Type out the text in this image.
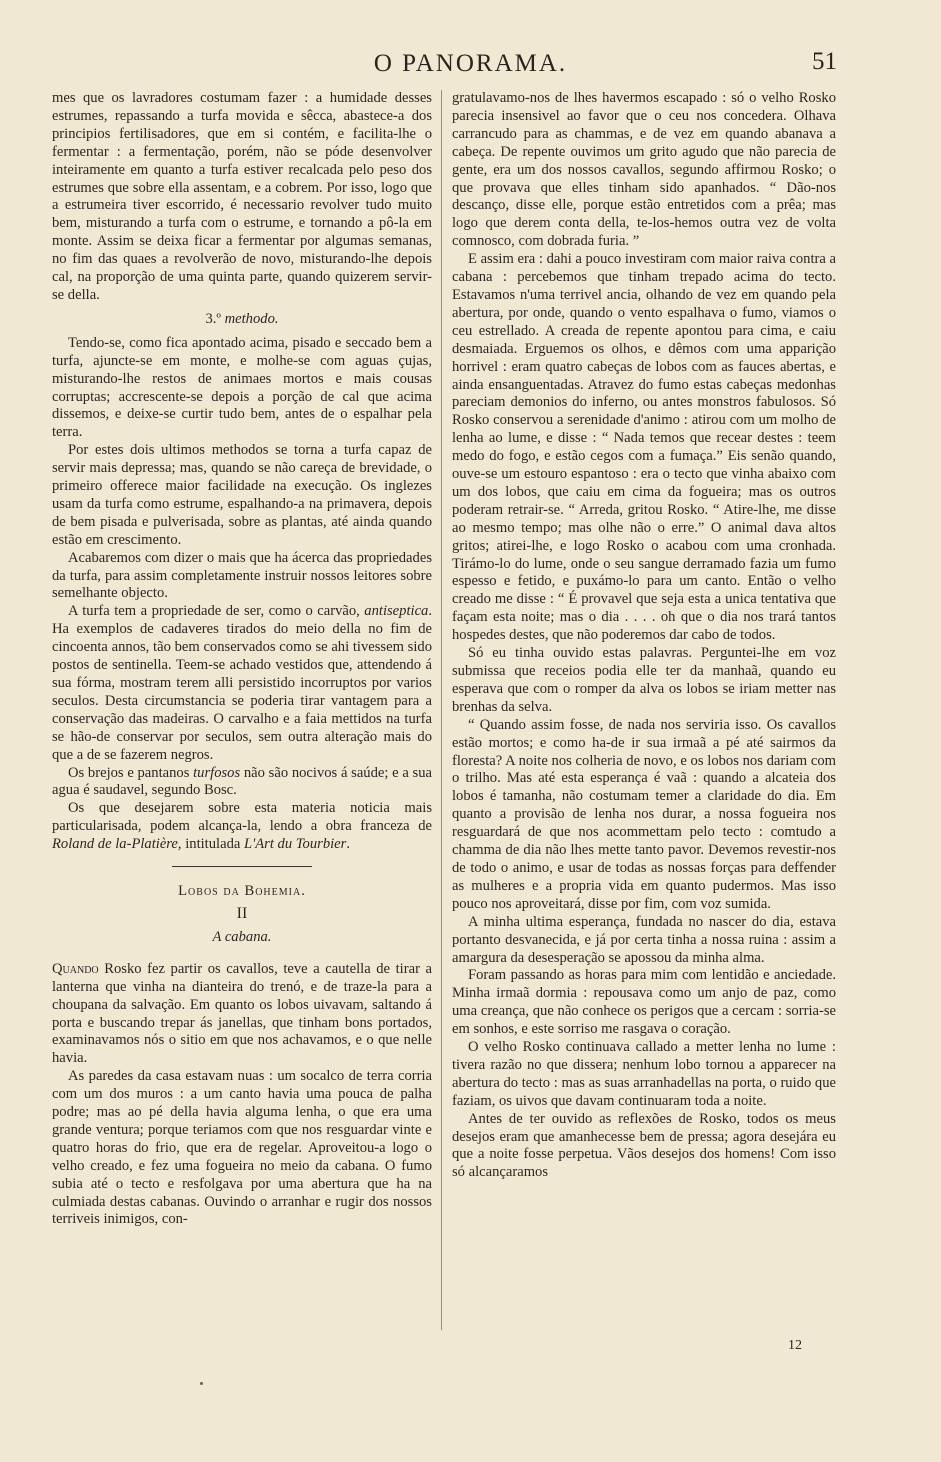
O PANORAMA.	51

mes que os lavradores costumam fazer : a humidade desses estrumes, repassando a turfa movida e sêcca, abastece-a dos principios fertilisadores, que em si contém, e facilita-lhe o fermentar : a fermentação, porém, não se póde desenvolver inteiramente em quanto a turfa estiver recalcada pelo peso dos estrumes que sobre ella assentam, e a cobrem. Por isso, logo que a estrumeira tiver escorrido, é necessario revolver tudo muito bem, misturando a turfa com o estrume, e tornando a pô-la em monte. Assim se deixa ficar a fermentar por algumas semanas, no fim das quaes a revolverão de novo, misturando-lhe depois cal, na proporção de uma quinta parte, quando quizerem servir-se della.

3.º methodo.

Tendo-se, como fica apontado acima, pisado e seccado bem a turfa, ajuncte-se em monte, e molhe-se com aguas çujas, misturando-lhe restos de animaes mortos e mais cousas corruptas; accrescente-se depois a porção de cal que acima dissemos, e deixe-se curtir tudo bem, antes de o espalhar pela terra.

Por estes dois ultimos methodos se torna a turfa capaz de servir mais depressa; mas, quando se não careça de brevidade, o primeiro offerece maior facilidade na execução. Os inglezes usam da turfa como estrume, espalhando-a na primavera, depois de bem pisada e pulverisada, sobre as plantas, até ainda quando estão em crescimento.

Acabaremos com dizer o mais que ha ácerca das propriedades da turfa, para assim completamente instruir nossos leitores sobre semelhante objecto.

A turfa tem a propriedade de ser, como o carvão, antiseptica. Ha exemplos de cadaveres tirados do meio della no fim de cincoenta annos, tão bem conservados como se ahi tivessem sido postos de sentinella. Teem-se achado vestidos que, attendendo á sua fórma, mostram terem alli persistido incorruptos por varios seculos. Desta circumstancia se poderia tirar vantagem para a conservação das madeiras. O carvalho e a faia mettidos na turfa se hão-de conservar por seculos, sem outra alteração mais do que a de se fazerem negros.

Os brejos e pantanos turfosos não são nocivos á saúde; e a sua agua é saudavel, segundo Bosc.

Os que desejarem sobre esta materia noticia mais particularisada, podem alcança-la, lendo a obra franceza de Roland de la-Platière, intitulada L'Art du Tourbier.

Lobos da Bohemia.

II

A cabana.

Quando Rosko fez partir os cavallos, teve a cautella de tirar a lanterna que vinha na dianteira do trenó, e de traze-la para a choupana da salvação. Em quanto os lobos uivavam, saltando á porta e buscando trepar ás janellas, que tinham bons portados, examinavamos nós o sitio em que nos achavamos, e o que nelle havia.

As paredes da casa estavam nuas : um socalco de terra corria com um dos muros : a um canto havia uma pouca de palha podre; mas ao pé della havia alguma lenha, o que era uma grande ventura; porque teriamos com que nos resguardar vinte e quatro horas do frio, que era de regelar. Aproveitou-a logo o velho creado, e fez uma fogueira no meio da cabana. O fumo subia até o tecto e resfolgava por uma abertura que ha na culmiada destas cabanas. Ouvindo o arranhar e rugir dos nossos terriveis inimigos, con-

gratulavamo-nos de lhes havermos escapado : só o velho Rosko parecia insensivel ao favor que o ceu nos concedera. Olhava carrancudo para as chammas, e de vez em quando abanava a cabeça. De repente ouvimos um grito agudo que não parecia de gente, era um dos nossos cavallos, segundo affirmou Rosko; o que provava que elles tinham sido apanhados. “ Dão-nos descanço, disse elle, porque estão entretidos com a prêa; mas logo que derem conta della, te-los-hemos outra vez de volta comnosco, com dobrada furia. ”

E assim era : dahi a pouco investiram com maior raiva contra a cabana : percebemos que tinham trepado acima do tecto. Estavamos n'uma terrivel ancia, olhando de vez em quando pela abertura, por onde, quando o vento espalhava o fumo, viamos o ceu estrellado. A creada de repente apontou para cima, e caiu desmaiada. Erguemos os olhos, e dêmos com uma apparição horrivel : eram quatro cabeças de lobos com as fauces abertas, e ainda ensanguentadas. Atravez do fumo estas cabeças medonhas pareciam demonios do inferno, ou antes monstros fabulosos. Só Rosko conservou a serenidade d'animo : atirou com um molho de lenha ao lume, e disse : “ Nada temos que recear destes : teem medo do fogo, e estão cegos com a fumaça.” Eis senão quando, ouve-se um estouro espantoso : era o tecto que vinha abaixo com um dos lobos, que caiu em cima da fogueira; mas os outros poderam retrair-se. “ Arreda, gritou Rosko. “ Atire-lhe, me disse ao mesmo tempo; mas olhe não o erre.” O animal dava altos gritos; atirei-lhe, e logo Rosko o acabou com uma cronhada. Tirámo-lo do lume, onde o seu sangue derramado fazia um fumo espesso e fetido, e puxámo-lo para um canto. Então o velho creado me disse : “ É provavel que seja esta a unica tentativa que façam esta noite; mas o dia . . . . oh que o dia nos trará tantos hospedes destes, que não poderemos dar cabo de todos.

Só eu tinha ouvido estas palavras. Perguntei-lhe em voz submissa que receios podia elle ter da manhaã, quando eu esperava que com o romper da alva os lobos se iriam metter nas brenhas da selva.

“ Quando assim fosse, de nada nos serviria isso. Os cavallos estão mortos; e como ha-de ir sua irmaã a pé até sairmos da floresta? A noite nos colheria de novo, e os lobos nos dariam com o trilho. Mas até esta esperança é vaã : quando a alcateia dos lobos é tamanha, não costumam temer a claridade do dia. Em quanto a provisão de lenha nos durar, a nossa fogueira nos resguardará de que nos acommettam pelo tecto : comtudo a chamma de dia não lhes mette tanto pavor. Devemos revestir-nos de todo o animo, e usar de todas as nossas forças para deffender as mulheres e a propria vida em quanto pudermos. Mas isso pouco nos aproveitará, disse por fim, com voz sumida.

A minha ultima esperança, fundada no nascer do dia, estava portanto desvanecida, e já por certa tinha a nossa ruina : assim a amargura da desesperação se apossou da minha alma.

Foram passando as horas para mim com lentidão e anciedade. Minha irmaã dormia : repousava como um anjo de paz, como uma creança, que não conhece os perigos que a cercam : sorria-se em sonhos, e este sorriso me rasgava o coração.

O velho Rosko continuava callado a metter lenha no lume : tivera razão no que dissera; nenhum lobo tornou a apparecer na abertura do tecto : mas as suas arranhadellas na porta, o ruido que faziam, os uivos que davam continuaram toda a noite.

Antes de ter ouvido as reflexões de Rosko, todos os meus desejos eram que amanhecesse bem de pressa; agora desejára eu que a noite fosse perpetua. Vãos desejos dos homens! Com isso só alcançaramos

12
